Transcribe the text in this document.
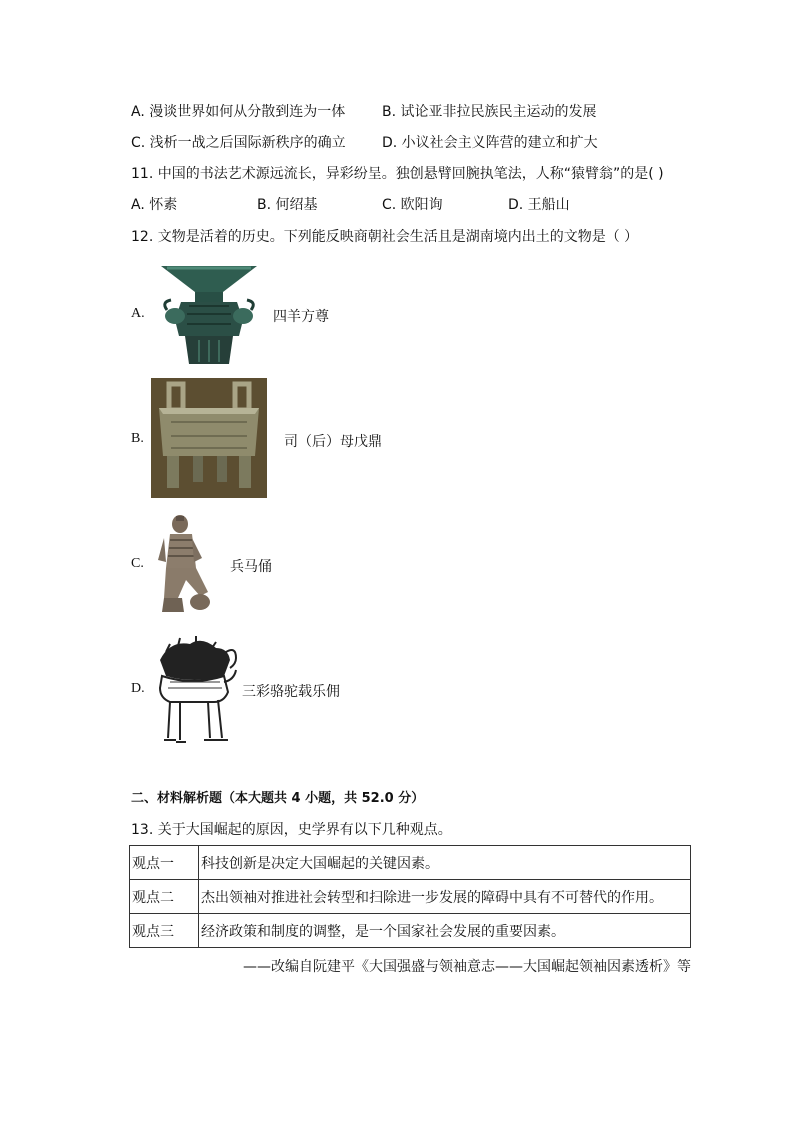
A. 漫谈世界如何从分散到连为一体	B. 试论亚非拉民族民主运动的发展
C. 浅析一战之后国际新秩序的确立	D. 小议社会主义阵营的建立和扩大
11. 中国的书法艺术源远流长，异彩纷呈。独创悬臂回腕执笔法，人称“猿臂翁”的是( )
A. 怀素	B. 何绍基	C. 欧阳询	D. 王船山
12. 文物是活着的历史。下列能反映商朝社会生活且是湖南境内出土的文物是（ ）
A.	四羊方尊
B.	司（后）母戊鼎
C.	兵马俑
D.	三彩骆驼载乐佣
二、材料解析题（本大题共 4 小题，共 52.0 分）
13. 关于大国崛起的原因，史学界有以下几种观点。
观点一	科技创新是决定大国崛起的关键因素。
观点二	杰出领袖对推进社会转型和扫除进一步发展的障碍中具有不可替代的作用。
观点三	经济政策和制度的调整，是一个国家社会发展的重要因素。
——改编自阮建平《大国强盛与领袖意志——大国崛起领袖因素透析》等
